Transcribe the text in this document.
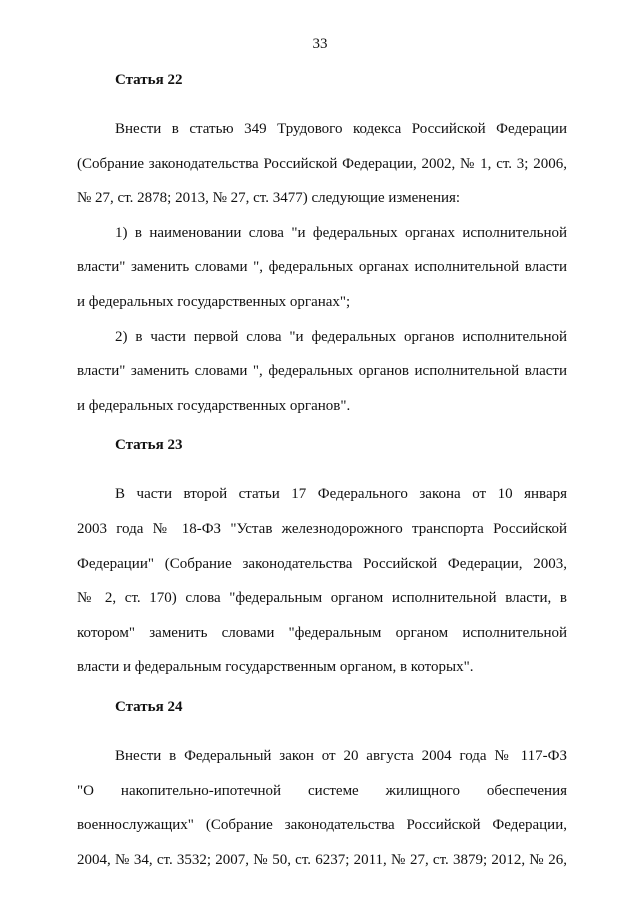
33
Статья 22
Внести в статью 349 Трудового кодекса Российской Федерации
(Собрание законодательства Российской Федерации, 2002, № 1, ст. 3; 2006,
№ 27, ст. 2878; 2013, № 27, ст. 3477) следующие изменения:
1) в наименовании слова "и федеральных органах исполнительной
власти" заменить словами ", федеральных органах исполнительной власти
и федеральных государственных органах";
2) в части первой слова "и федеральных органов исполнительной
власти" заменить словами ", федеральных органов исполнительной власти
и федеральных государственных органов".
Статья 23
В части второй статьи 17 Федерального закона от 10 января
2003 года № 18-ФЗ "Устав железнодорожного транспорта Российской
Федерации" (Собрание законодательства Российской Федерации, 2003,
№ 2, ст. 170) слова "федеральным органом исполнительной власти, в
котором" заменить словами "федеральным органом исполнительной
власти и федеральным государственным органом, в которых".
Статья 24
Внести в Федеральный закон от 20 августа 2004 года № 117-ФЗ
"О накопительно-ипотечной системе жилищного обеспечения
военнослужащих" (Собрание законодательства Российской Федерации,
2004, № 34, ст. 3532; 2007, № 50, ст. 6237; 2011, № 27, ст. 3879; 2012, № 26,
